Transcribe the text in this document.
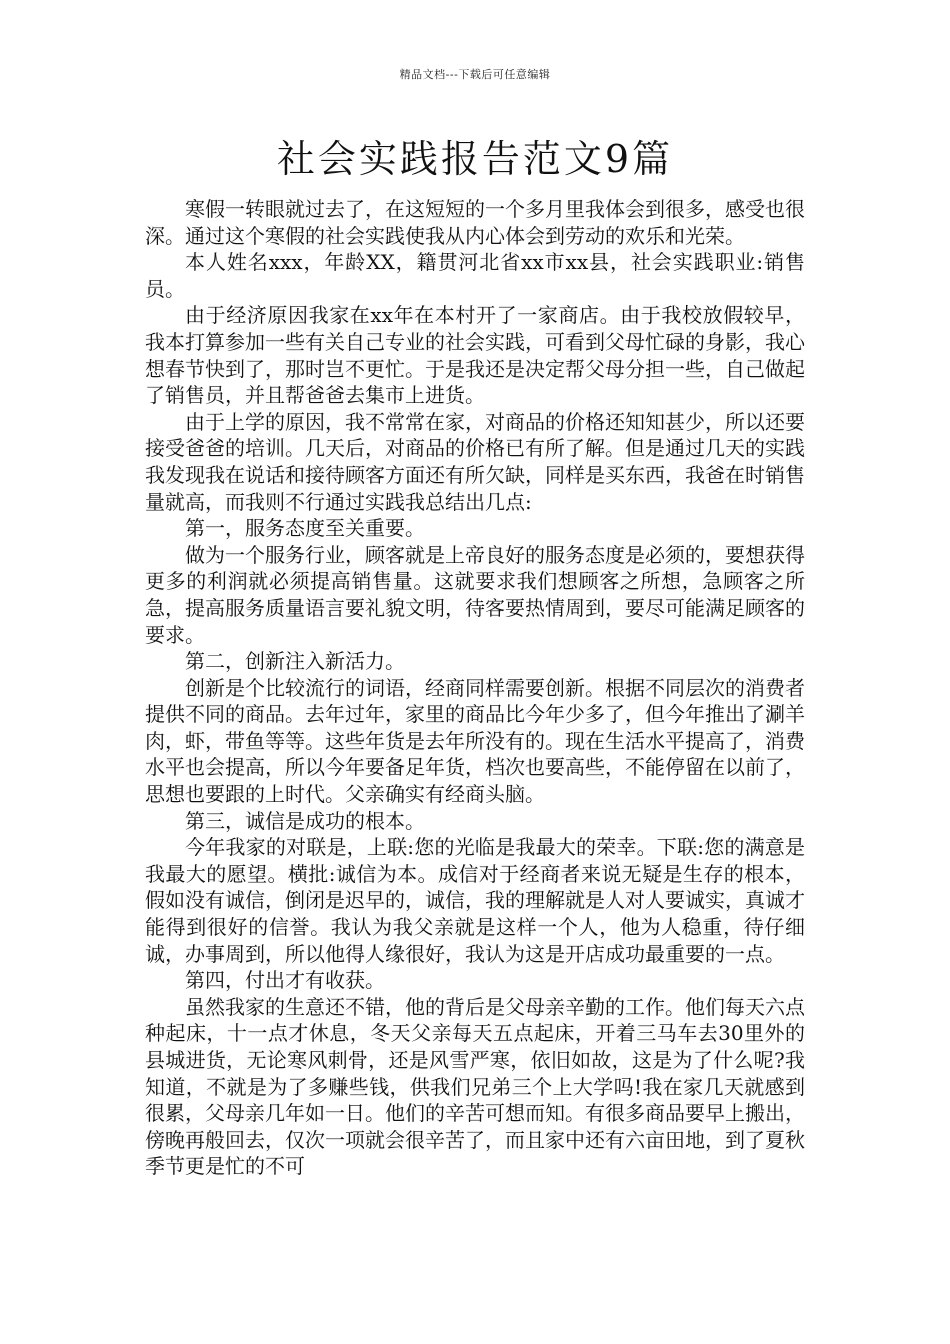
精品文档---下载后可任意编辑
社会实践报告范文9篇

寒假一转眼就过去了，在这短短的一个多月里我体会到很多，感受也很深。通过这个寒假的社会实践使我从内心体会到劳动的欢乐和光荣。

本人姓名xxx，年龄XX，籍贯河北省xx市xx县，社会实践职业:销售员。

由于经济原因我家在xx年在本村开了一家商店。由于我校放假较早，我本打算参加一些有关自己专业的社会实践，可看到父母忙碌的身影，我心想春节快到了，那时岂不更忙。于是我还是决定帮父母分担一些，自己做起了销售员，并且帮爸爸去集市上进货。

由于上学的原因，我不常常在家，对商品的价格还知知甚少，所以还要接受爸爸的培训。几天后，对商品的价格已有所了解。但是通过几天的实践我发现我在说话和接待顾客方面还有所欠缺，同样是买东西，我爸在时销售量就高，而我则不行通过实践我总结出几点:

第一，服务态度至关重要。

做为一个服务行业，顾客就是上帝良好的服务态度是必须的，要想获得更多的利润就必须提高销售量。这就要求我们想顾客之所想，急顾客之所急，提高服务质量语言要礼貌文明，待客要热情周到，要尽可能满足顾客的要求。

第二，创新注入新活力。

创新是个比较流行的词语，经商同样需要创新。根据不同层次的消费者提供不同的商品。去年过年，家里的商品比今年少多了，但今年推出了涮羊肉，虾，带鱼等等。这些年货是去年所没有的。现在生活水平提高了，消费水平也会提高，所以今年要备足年货，档次也要高些，不能停留在以前了，思想也要跟的上时代。父亲确实有经商头脑。

第三，诚信是成功的根本。

今年我家的对联是，上联:您的光临是我最大的荣幸。下联:您的满意是我最大的愿望。横批:诚信为本。成信对于经商者来说无疑是生存的根本，假如没有诚信，倒闭是迟早的，诚信，我的理解就是人对人要诚实，真诚才能得到很好的信誉。我认为我父亲就是这样一个人，他为人稳重，待仔细诚，办事周到，所以他得人缘很好，我认为这是开店成功最重要的一点。

第四，付出才有收获。

虽然我家的生意还不错，他的背后是父母亲辛勤的工作。他们每天六点种起床，十一点才休息，冬天父亲每天五点起床，开着三马车去30里外的县城进货，无论寒风刺骨，还是风雪严寒，依旧如故，这是为了什么呢?我知道，不就是为了多赚些钱，供我们兄弟三个上大学吗!我在家几天就感到很累，父母亲几年如一日。他们的辛苦可想而知。有很多商品要早上搬出，傍晚再般回去，仅次一项就会很辛苦了，而且家中还有六亩田地，到了夏秋季节更是忙的不可
